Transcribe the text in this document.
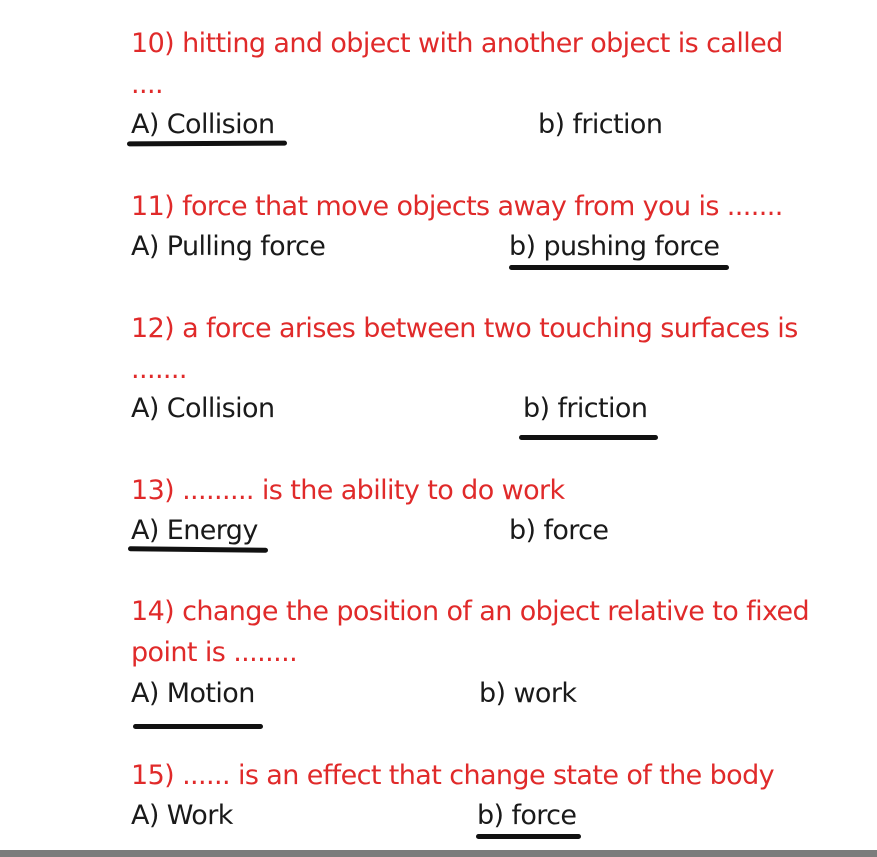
10) hitting and object with another object is called ....

A) Collision	b) friction

11) force that move objects away from you is .......

A) Pulling force	b) pushing force

12) a force arises between two touching surfaces is .......

A) Collision	b) friction

13) ......... is the ability to do work

A) Energy	b) force

14) change the position of an object relative to fixed point is ........

A) Motion	b) work

15) ...... is an effect that change state of the body

A) Work	b) force
